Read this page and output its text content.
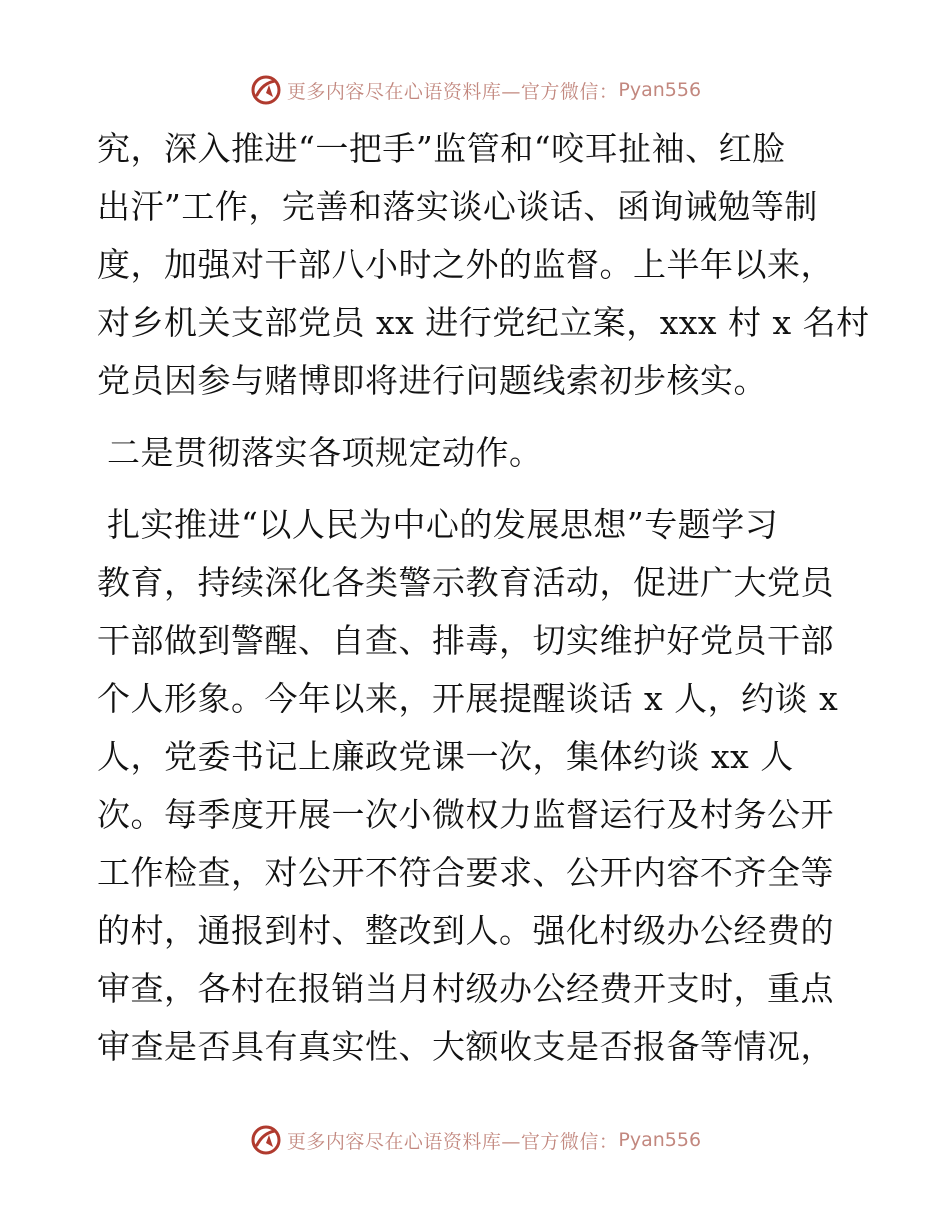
更多内容尽在心语资料库—官方微信： Pyan556
究，深入推进“一把手”监管和“咬耳扯袖、红脸
出汗”工作，完善和落实谈心谈话、函询诫勉等制
度，加强对干部八小时之外的监督。上半年以来，
对乡机关支部党员 xx 进行党纪立案，xxx 村 x 名村
党员因参与赌博即将进行问题线索初步核实。
二是贯彻落实各项规定动作。
扎实推进“以人民为中心的发展思想”专题学习
教育，持续深化各类警示教育活动，促进广大党员
干部做到警醒、自查、排毒，切实维护好党员干部
个人形象。今年以来，开展提醒谈话 x 人，约谈 x
人，党委书记上廉政党课一次，集体约谈 xx 人
次。每季度开展一次小微权力监督运行及村务公开
工作检查，对公开不符合要求、公开内容不齐全等
的村，通报到村、整改到人。强化村级办公经费的
审查，各村在报销当月村级办公经费开支时，重点
审查是否具有真实性、大额收支是否报备等情况，
更多内容尽在心语资料库—官方微信： Pyan556
